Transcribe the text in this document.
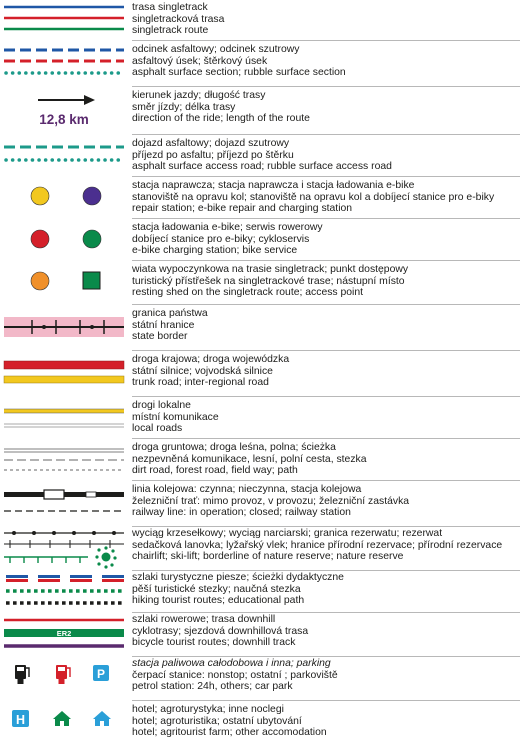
trasa singletrack
singletracková trasa
singletrack route
odcinek asfaltowy; odcinek szutrowy
asfaltový úsek; štěrkový úsek
asphalt surface section; rubble surface section
12,8 km
kierunek jazdy; długość trasy
směr jízdy; délka trasy
direction of the ride; length of the route
dojazd asfaltowy; dojazd szutrowy
příjezd po asfaltu; příjezd po štěrku
asphalt surface access road; rubble surface access road
stacja naprawcza; stacja naprawcza i stacja ładowania e-bike
stanoviště na opravu kol; stanoviště na opravu kol a dobíjecí stanice pro e-biky
repair station; e-bike repair and charging station
stacja ładowania e-bike; serwis rowerowy
dobíjecí stanice pro e-biky; cykloservis
e-bike charging station; bike service
wiata wypoczynkowa na trasie singletrack; punkt dostępowy
turistický přístřešek na singletrackové trase; nástupní místo
resting shed on the singletrack route; access point
granica państwa
státní hranice
state border
droga krajowa; droga wojewódzka
státní silnice; vojvodská silnice
trunk road; inter-regional road
drogi lokalne
místní komunikace
local roads
droga gruntowa; droga leśna, polna; ścieżka
nezpevněná komunikace, lesní, polní cesta, stezka
dirt road, forest road, field way; path
linia kolejowa: czynna; nieczynna, stacja kolejowa
železniční trať: mimo provoz, v provozu; železniční zastávka
railway line: in operation; closed; railway station
wyciąg krzesełkowy; wyciąg narciarski; granica rezerwatu; rezerwat
sedačková lanovka; lyžařský vlek; hranice přírodní rezervace; přírodní rezervace
chairlift; ski-lift; borderline of nature reserve; nature reserve
szlaki turystyczne piesze; ścieżki dydaktyczne
pěší turistické stezky; naučná stezka
hiking tourist routes; educational path
ER2
szlaki rowerowe; trasa downhill
cyklotrasy; sjezdová downhillová trasa
bicycle tourist routes; downhill track
P
stacja paliwowa całodobowa i inna; parking
čerpací stanice: nonstop; ostatní ; parkoviště
petrol station: 24h, others; car park
H
hotel; agroturystyka; inne noclegi
hotel; agroturistika; ostatní ubytování
hotel; agritourist farm; other accomodation
